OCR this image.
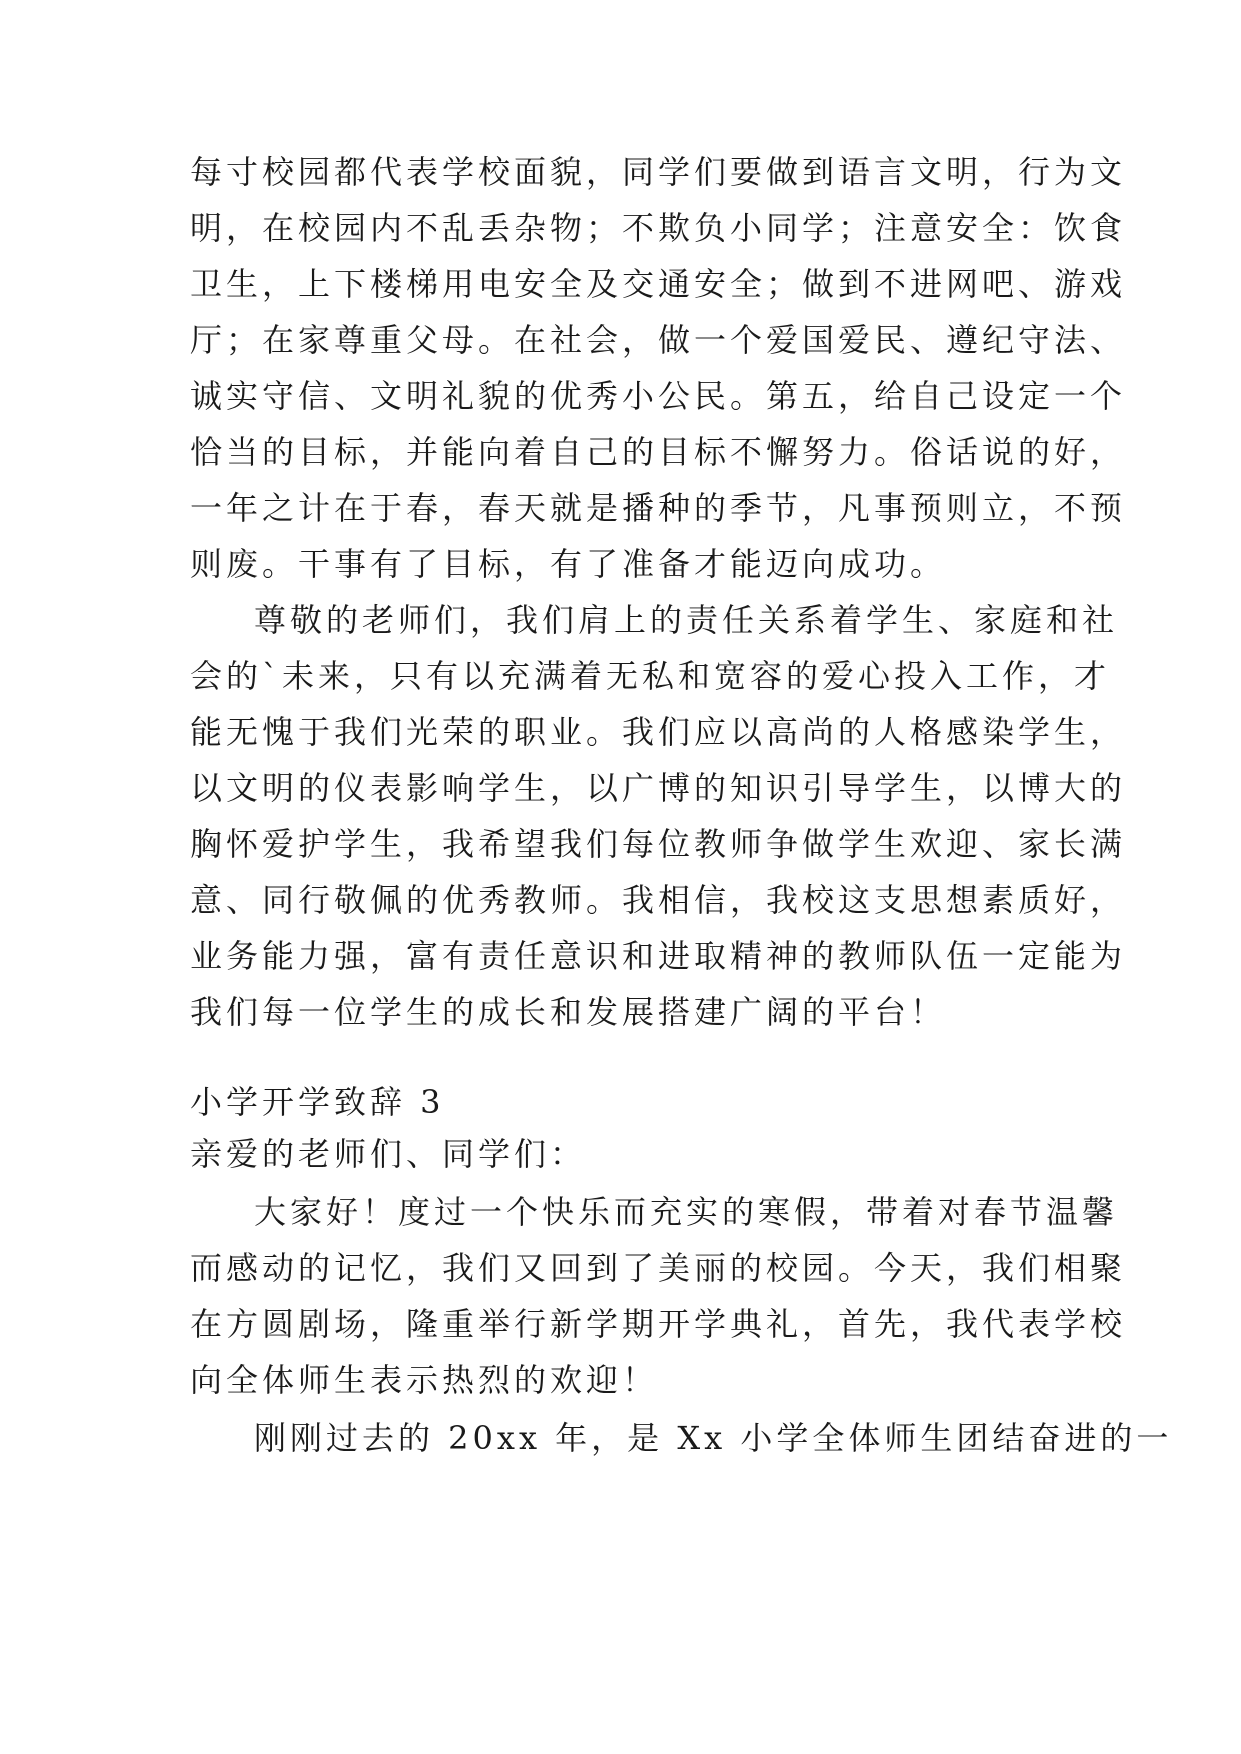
每寸校园都代表学校面貌，同学们要做到语言文明，行为文
明，在校园内不乱丢杂物；不欺负小同学；注意安全：饮食
卫生，上下楼梯用电安全及交通安全；做到不进网吧、游戏
厅；在家尊重父母。在社会，做一个爱国爱民、遵纪守法、
诚实守信、文明礼貌的优秀小公民。第五，给自己设定一个
恰当的目标，并能向着自己的目标不懈努力。俗话说的好，
一年之计在于春，春天就是播种的季节，凡事预则立，不预
则废。干事有了目标，有了准备才能迈向成功。
尊敬的老师们，我们肩上的责任关系着学生、家庭和社
会的`未来，只有以充满着无私和宽容的爱心投入工作，才
能无愧于我们光荣的职业。我们应以高尚的人格感染学生，
以文明的仪表影响学生，以广博的知识引导学生，以博大的
胸怀爱护学生，我希望我们每位教师争做学生欢迎、家长满
意、同行敬佩的优秀教师。我相信，我校这支思想素质好，
业务能力强，富有责任意识和进取精神的教师队伍一定能为
我们每一位学生的成长和发展搭建广阔的平台！
小学开学致辞 3
亲爱的老师们、同学们：
大家好！度过一个快乐而充实的寒假，带着对春节温馨
而感动的记忆，我们又回到了美丽的校园。今天，我们相聚
在方圆剧场，隆重举行新学期开学典礼，首先，我代表学校
向全体师生表示热烈的欢迎！
刚刚过去的 20xx 年，是 Xx 小学全体师生团结奋进的一
